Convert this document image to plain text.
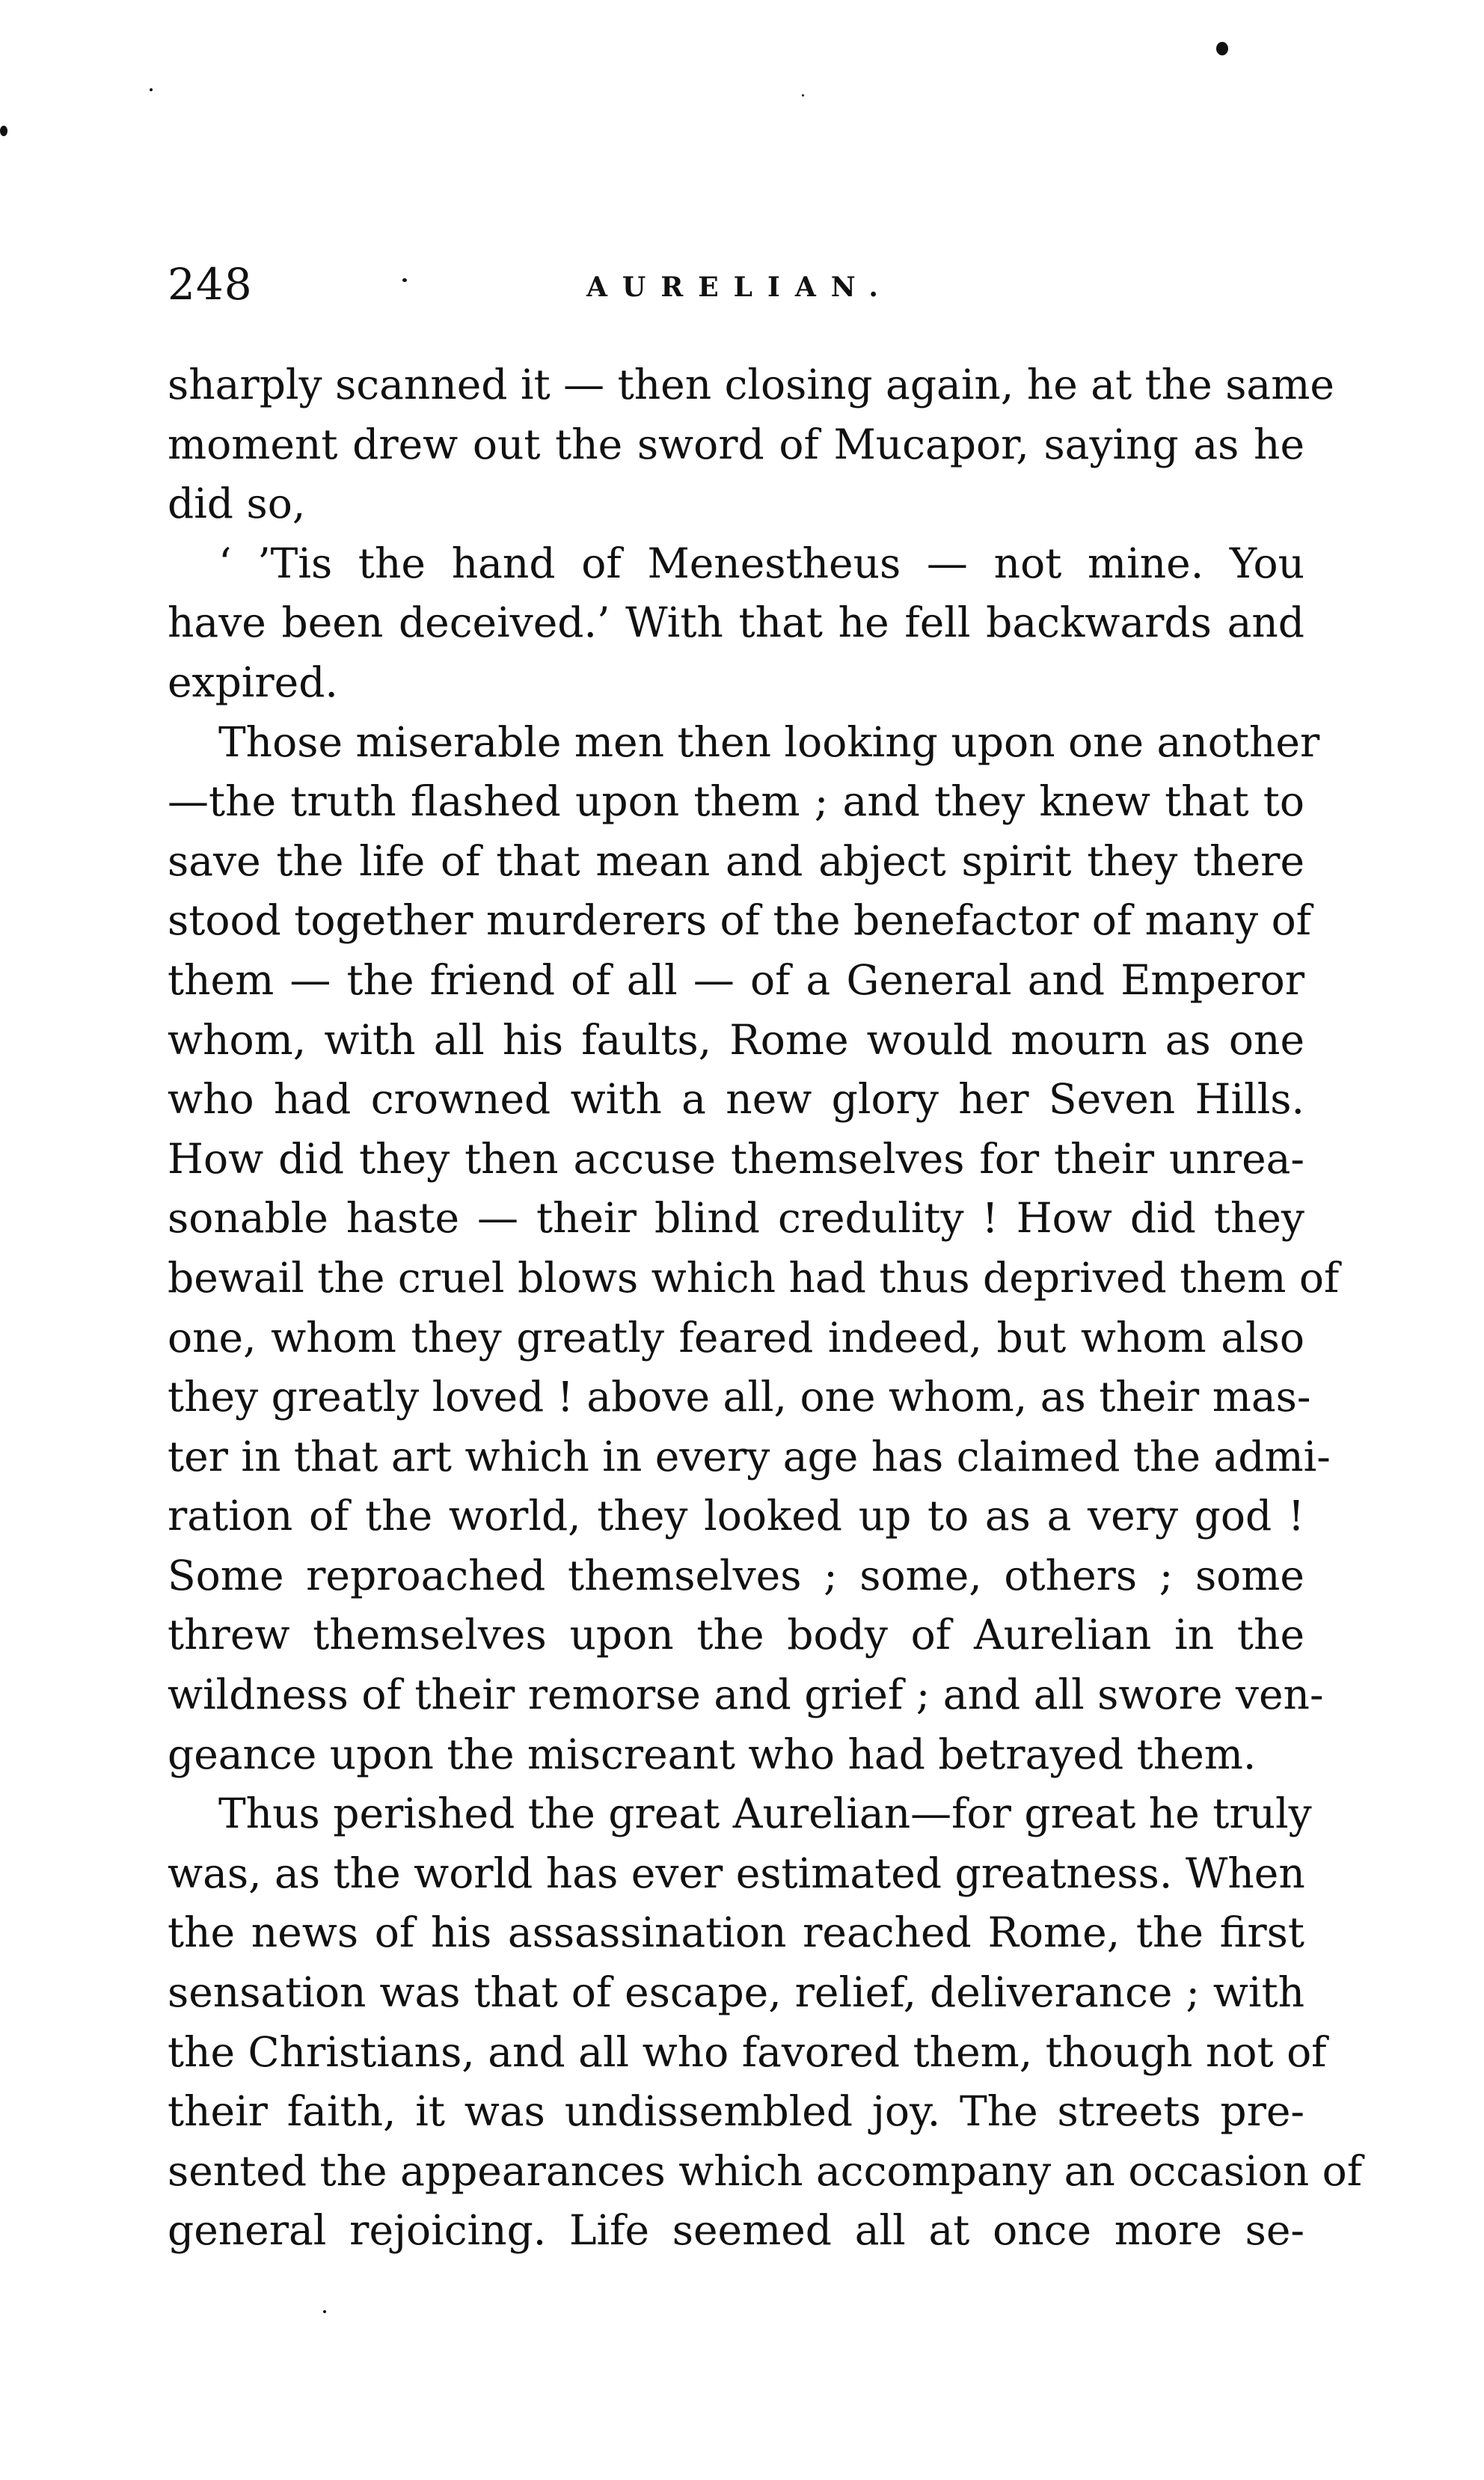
248	AURELIAN.
sharply scanned it — then closing again, he at the same
moment drew out the sword of Mucapor, saying as he
did so,
‘ ’Tis the hand of Menestheus — not mine. You
have been deceived.’ With that he fell backwards and
expired.
Those miserable men then looking upon one another
—the truth flashed upon them ; and they knew that to
save the life of that mean and abject spirit they there
stood together murderers of the benefactor of many of
them — the friend of all — of a General and Emperor
whom, with all his faults, Rome would mourn as one
who had crowned with a new glory her Seven Hills.
How did they then accuse themselves for their unrea-
sonable haste — their blind credulity ! How did they
bewail the cruel blows which had thus deprived them of
one, whom they greatly feared indeed, but whom also
they greatly loved ! above all, one whom, as their mas-
ter in that art which in every age has claimed the admi-
ration of the world, they looked up to as a very god !
Some reproached themselves ; some, others ; some
threw themselves upon the body of Aurelian in the
wildness of their remorse and grief ; and all swore ven-
geance upon the miscreant who had betrayed them.
Thus perished the great Aurelian—for great he truly
was, as the world has ever estimated greatness. When
the news of his assassination reached Rome, the first
sensation was that of escape, relief, deliverance ; with
the Christians, and all who favored them, though not of
their faith, it was undissembled joy. The streets pre-
sented the appearances which accompany an occasion of
general rejoicing. Life seemed all at once more se-
